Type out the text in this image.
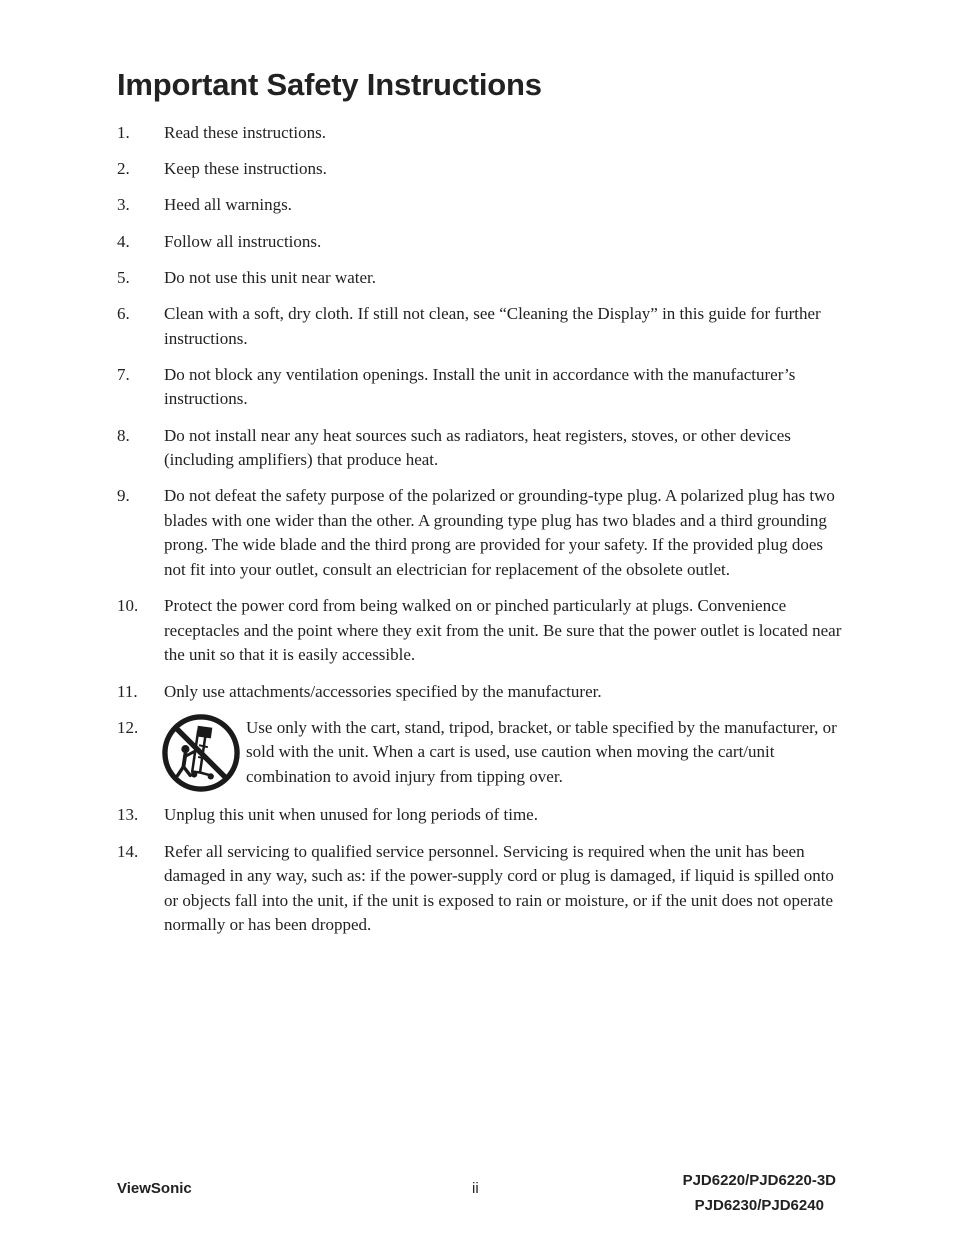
Important Safety Instructions
1. Read these instructions.
2. Keep these instructions.
3. Heed all warnings.
4. Follow all instructions.
5. Do not use this unit near water.
6. Clean with a soft, dry cloth. If still not clean, see “Cleaning the Display” in this guide for further instructions.
7. Do not block any ventilation openings. Install the unit in accordance with the manufacturer’s instructions.
8. Do not install near any heat sources such as radiators, heat registers, stoves, or other devices (including amplifiers) that produce heat.
9. Do not defeat the safety purpose of the polarized or grounding-type plug. A polarized plug has two blades with one wider than the other. A grounding type plug has two blades and a third grounding prong. The wide blade and the third prong are provided for your safety. If the provided plug does not fit into your outlet, consult an electrician for replacement of the obsolete outlet.
10. Protect the power cord from being walked on or pinched particularly at plugs. Convenience receptacles and the point where they exit from the unit. Be sure that the power outlet is located near the unit so that it is easily accessible.
11. Only use attachments/accessories specified by the manufacturer.
12.	Use only with the cart, stand, tripod, bracket, or table specified by the manufacturer, or sold with the unit. When a cart is used, use caution when moving the cart/unit combination to avoid injury from tipping over.
13. Unplug this unit when unused for long periods of time.
14. Refer all servicing to qualified service personnel. Servicing is required when the unit has been damaged in any way, such as: if the power-supply cord or plug is damaged, if liquid is spilled onto or objects fall into the unit, if the unit is exposed to rain or moisture, or if the unit does not operate normally or has been dropped.
ViewSonic	ii	PJD6220/PJD6220-3D
PJD6230/PJD6240
